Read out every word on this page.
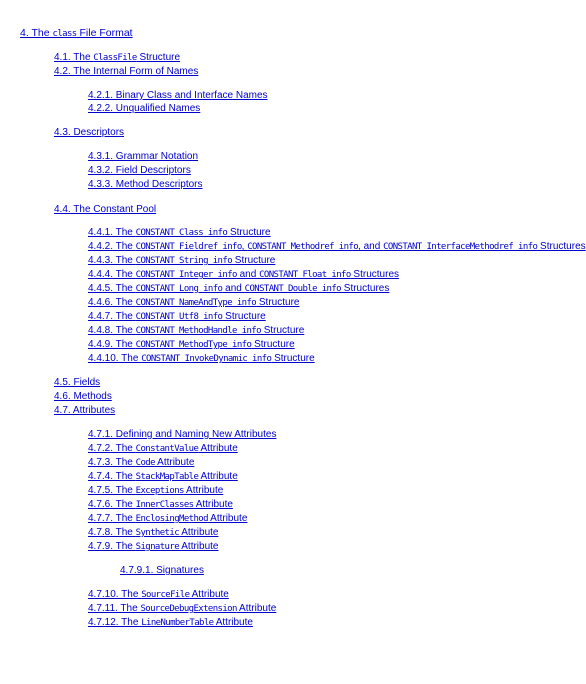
4. The class File Format
4.1. The ClassFile Structure
4.2. The Internal Form of Names
4.2.1. Binary Class and Interface Names
4.2.2. Unqualified Names
4.3. Descriptors
4.3.1. Grammar Notation
4.3.2. Field Descriptors
4.3.3. Method Descriptors
4.4. The Constant Pool
4.4.1. The CONSTANT_Class_info Structure
4.4.2. The CONSTANT_Fieldref_info, CONSTANT_Methodref_info, and CONSTANT_InterfaceMethodref_info Structures
4.4.3. The CONSTANT_String_info Structure
4.4.4. The CONSTANT_Integer_info and CONSTANT_Float_info Structures
4.4.5. The CONSTANT_Long_info and CONSTANT_Double_info Structures
4.4.6. The CONSTANT_NameAndType_info Structure
4.4.7. The CONSTANT_Utf8_info Structure
4.4.8. The CONSTANT_MethodHandle_info Structure
4.4.9. The CONSTANT_MethodType_info Structure
4.4.10. The CONSTANT_InvokeDynamic_info Structure
4.5. Fields
4.6. Methods
4.7. Attributes
4.7.1. Defining and Naming New Attributes
4.7.2. The ConstantValue Attribute
4.7.3. The Code Attribute
4.7.4. The StackMapTable Attribute
4.7.5. The Exceptions Attribute
4.7.6. The InnerClasses Attribute
4.7.7. The EnclosingMethod Attribute
4.7.8. The Synthetic Attribute
4.7.9. The Signature Attribute
4.7.9.1. Signatures
4.7.10. The SourceFile Attribute
4.7.11. The SourceDebugExtension Attribute
4.7.12. The LineNumberTable Attribute
